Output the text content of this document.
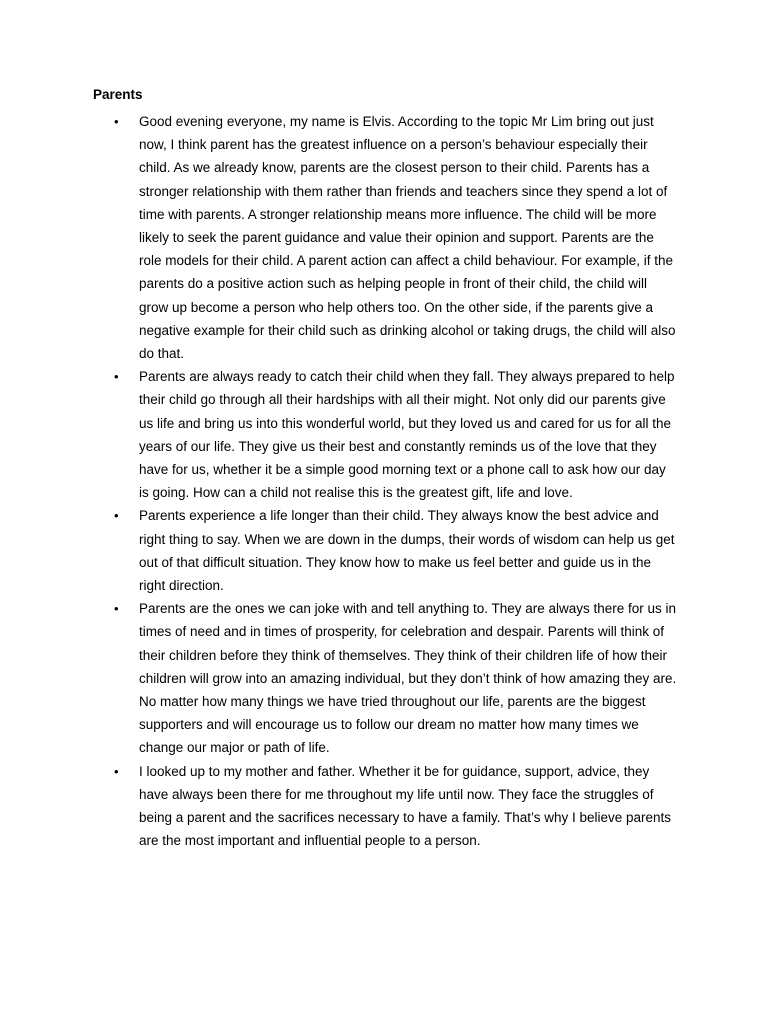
Parents
• Good evening everyone, my name is Elvis. According to the topic Mr Lim bring out just now, I think parent has the greatest influence on a person’s behaviour especially their child. As we already know, parents are the closest person to their child. Parents has a stronger relationship with them rather than friends and teachers since they spend a lot of time with parents. A stronger relationship means more influence. The child will be more likely to seek the parent guidance and value their opinion and support. Parents are the role models for their child. A parent action can affect a child behaviour. For example, if the parents do a positive action such as helping people in front of their child, the child will grow up become a person who help others too. On the other side, if the parents give a negative example for their child such as drinking alcohol or taking drugs, the child will also do that.
• Parents are always ready to catch their child when they fall. They always prepared to help their child go through all their hardships with all their might. Not only did our parents give us life and bring us into this wonderful world, but they loved us and cared for us for all the years of our life. They give us their best and constantly reminds us of the love that they have for us, whether it be a simple good morning text or a phone call to ask how our day is going. How can a child not realise this is the greatest gift, life and love.
• Parents experience a life longer than their child. They always know the best advice and right thing to say. When we are down in the dumps, their words of wisdom can help us get out of that difficult situation. They know how to make us feel better and guide us in the right direction.
• Parents are the ones we can joke with and tell anything to. They are always there for us in times of need and in times of prosperity, for celebration and despair. Parents will think of their children before they think of themselves. They think of their children life of how their children will grow into an amazing individual, but they don’t think of how amazing they are. No matter how many things we have tried throughout our life, parents are the biggest supporters and will encourage us to follow our dream no matter how many times we change our major or path of life.
• I looked up to my mother and father. Whether it be for guidance, support, advice, they have always been there for me throughout my life until now. They face the struggles of being a parent and the sacrifices necessary to have a family. That’s why I believe parents are the most important and influential people to a person.
